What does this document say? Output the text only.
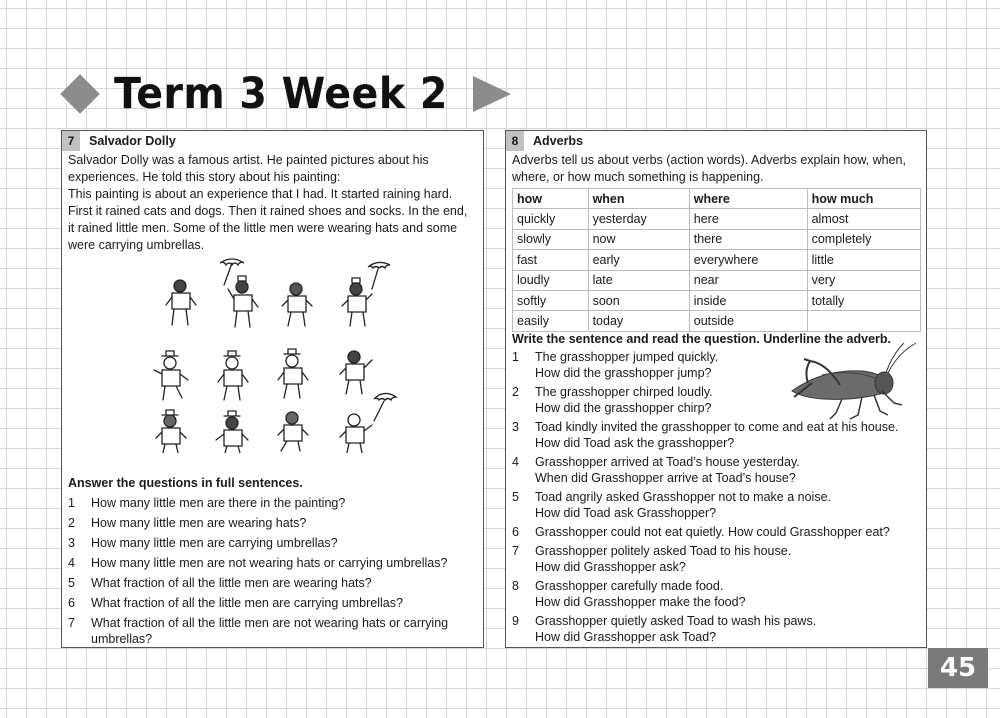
Term 3 Week 2
7	Salvador Dolly

Salvador Dolly was a famous artist. He painted pictures about his

experiences. He told this story about his painting:

This painting is about an experience that I had. It started raining hard.

First it rained cats and dogs. Then it rained shoes and socks. In the end,

it rained little men. Some of the little men were wearing hats and some

were carrying umbrellas.

Answer the questions in full sentences.
1	How many little men are there in the painting?
2	How many little men are wearing hats?
3	How many little men are carrying umbrellas?
4	How many little men are not wearing hats or carrying umbrellas?
5	What fraction of all the little men are wearing hats?
6	What fraction of all the little men are carrying umbrellas?
7	What fraction of all the little men are not wearing hats or carrying umbrellas?
8	Adverbs

Adverbs tell us about verbs (action words). Adverbs explain how, when,

where, or how much something is happening.

how	when	where	how much
quickly	yesterday	here	almost
slowly	now	there	completely
fast	early	everywhere	little
loudly	late	near	very
softly	soon	inside	totally
easily	today	outside	
Write the sentence and read the question. Underline the adverb.
1	The grasshopper jumped quickly.
How did the grasshopper jump?
2	The grasshopper chirped loudly.
How did the grasshopper chirp?
3	Toad kindly invited the grasshopper to come and eat at his house.
How did Toad ask the grasshopper?
4	Grasshopper arrived at Toad’s house yesterday.
When did Grasshopper arrive at Toad’s house?
5	Toad angrily asked Grasshopper not to make a noise.
How did Toad ask Grasshopper?
6	Grasshopper could not eat quietly. How could Grasshopper eat?
7	Grasshopper politely asked Toad to his house.
How did Grasshopper ask?
8	Grasshopper carefully made food.
How did Grasshopper make the food?
9	Grasshopper quietly asked Toad to wash his paws.
How did Grasshopper ask Toad?
45
